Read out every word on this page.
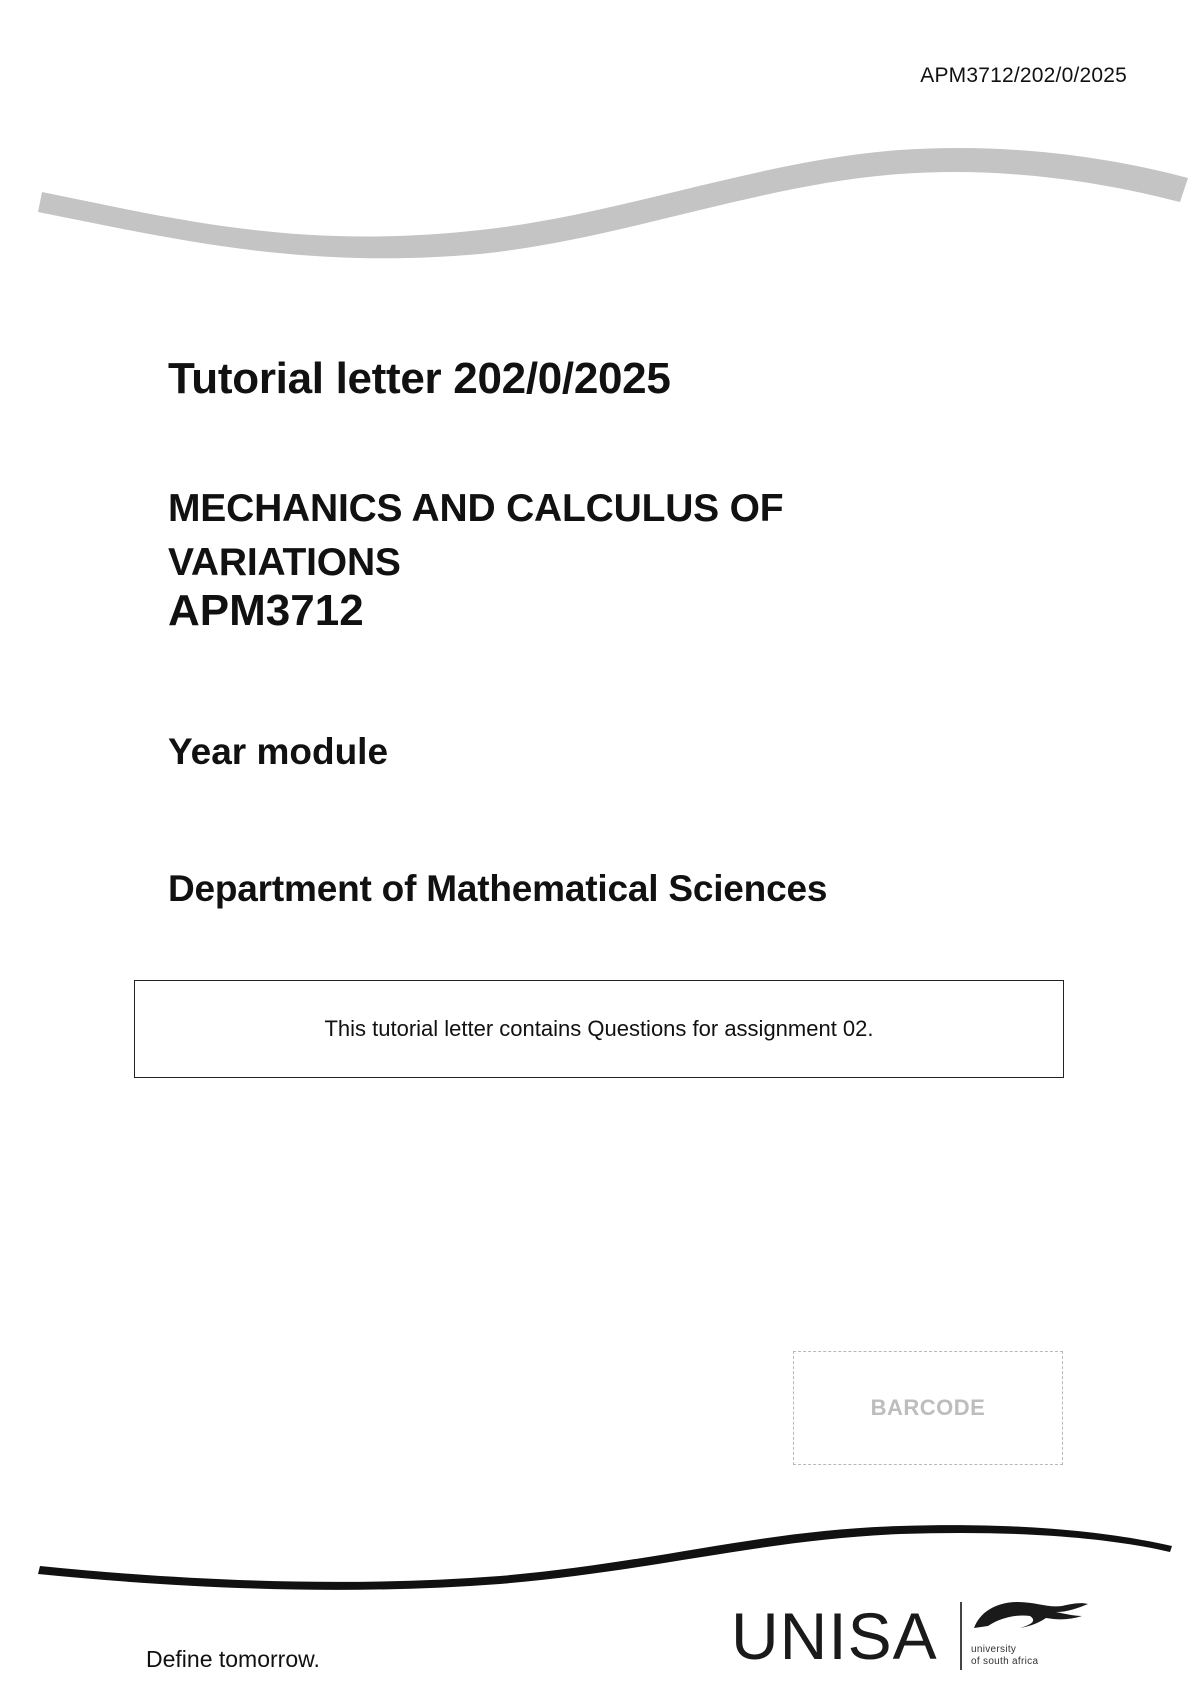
APM3712/202/0/2025
Tutorial letter 202/0/2025
MECHANICS AND CALCULUS OF VARIATIONS
APM3712
Year module
Department of Mathematical Sciences
This tutorial letter contains Questions for assignment 02.
BARCODE
Define tomorrow.	UNISA	university
of south africa
